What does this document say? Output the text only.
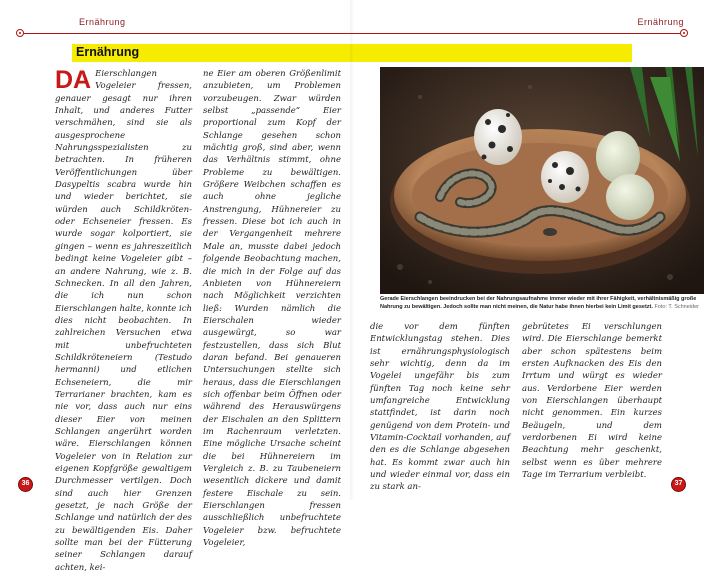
Ernährung
Ernährung

DA Eierschlangen Vogeleier fressen, genauer gesagt nur ihren Inhalt, und anderes Futter verschmähen, sind sie als ausgesprochene Nahrungsspezialisten zu betrachten. In früheren Veröffentlichungen über Dasypeltis scabra wurde hin und wieder berichtet, sie würden auch Schildkröten- oder Echseneier fressen. Es wurde sogar kolportiert, sie gingen – wenn es jahreszeitlich bedingt keine Vogeleier gibt – an andere Nahrung, wie z. B. Schnecken. In all den Jahren, die ich nun schon Eierschlangen halte, konnte ich dies nicht beobachten. In zahlreichen Versuchen etwa mit unbefruchteten Schildkröteneiern (Testudo hermanni) und etlichen Echseneiern, die mir Terrarianer brachten, kam es nie vor, dass auch nur eins dieser Eier von meinen Schlangen angerührt worden wäre. Eierschlangen können Vogeleier von in Relation zur eigenen Kopfgröße gewaltigem Durchmesser vertilgen. Doch sind auch hier Grenzen gesetzt, je nach Größe der Schlange und natürlich der des zu bewältigenden Eis. Daher sollte man bei der Fütterung seiner Schlangen darauf achten, kei-

ne Eier am oberen Größenlimit anzubieten, um Problemen vorzubeugen. Zwar würden selbst „passende“ Eier proportional zum Kopf der Schlange gesehen schon mächtig groß, sind aber, wenn das Verhältnis stimmt, ohne Probleme zu bewältigen. Größere Weibchen schaffen es auch ohne jegliche Anstrengung, Hühnereier zu fressen. Diese bot ich auch in der Vergangenheit mehrere Male an, musste dabei jedoch folgende Beobachtung machen, die mich in der Folge auf das Anbieten von Hühnereiern nach Möglichkeit verzichten ließ: Wurden nämlich die Eierschalen wieder ausgewürgt, so war festzustellen, dass sich Blut daran befand. Bei genaueren Untersuchungen stellte sich heraus, dass die Eierschlangen sich offenbar beim Öffnen oder während des Herauswürgens der Eischalen an den Splittern im Rachenraum verletzten. Eine mögliche Ursache scheint die bei Hühnereiern im Vergleich z. B. zu Taubeneiern wesentlich dickere und damit festere Eischale zu sein. Eierschlangen fressen ausschließlich unbefruchtete Vogeleier bzw. befruchtete Vogeleier,

36
Ernährung
Gerade Eierschlangen beeindrucken bei der Nahrungsaufnahme immer wieder mit ihrer Fähigkeit, verhältnismäßig große Nahrung zu bewältigen. Jedoch sollte man nicht meinen, die Natur habe ihnen hierbei kein Limit gesetzt. Foto: T. Schneider

die vor dem fünften Entwicklungstag stehen. Dies ist ernährungsphysiologisch sehr wichtig, denn da im Vogelei ungefähr bis zum fünften Tag noch keine sehr umfangreiche Entwicklung stattfindet, ist darin noch genügend von dem Protein- und Vitamin-Cocktail vorhanden, auf den es die Schlange abgesehen hat. Es kommt zwar auch hin und wieder einmal vor, dass ein zu stark an-

gebrütetes Ei verschlungen wird. Die Eierschlange bemerkt aber schon spätestens beim ersten Aufknacken des Eis den Irrtum und würgt es wieder aus. Verdorbene Eier werden von Eierschlangen überhaupt nicht genommen. Ein kurzes Beäugeln, und dem verdorbenen Ei wird keine Beachtung mehr geschenkt, selbst wenn es über mehrere Tage im Terrarium verbleibt.

37
